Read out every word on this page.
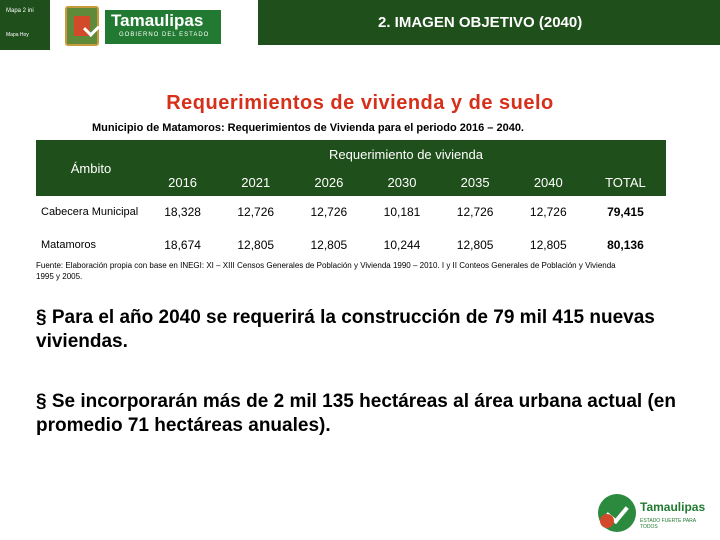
Mapa 2 ini
Mapa Hoy
Tamaulipas
GOBIERNO DEL ESTADO
2. IMAGEN OBJETIVO (2040)
Requerimientos de vivienda y de suelo
Municipio de Matamoros: Requerimientos de Vivienda para el periodo 2016 – 2040.
Ámbito	Requerimiento de vivienda						
	2016	2021	2026	2030	2035	2040	TOTAL
Cabecera Municipal	18,328	12,726	12,726	10,181	12,726	12,726	79,415
Matamoros	18,674	12,805	12,805	10,244	12,805	12,805	80,136
Fuente: Elaboración propia con base en INEGI: XI – XIII Censos Generales de Población y Vivienda 1990 – 2010. I y II Conteos Generales de Población y Vivienda 1995 y 2005.
§ Para el año 2040 se requerirá la construcción de 79 mil 415 nuevas viviendas.
§ Se incorporarán más de 2 mil 135 hectáreas al área urbana actual (en promedio 71 hectáreas anuales).
Tamaulipas
ESTADO FUERTE PARA TODOS
